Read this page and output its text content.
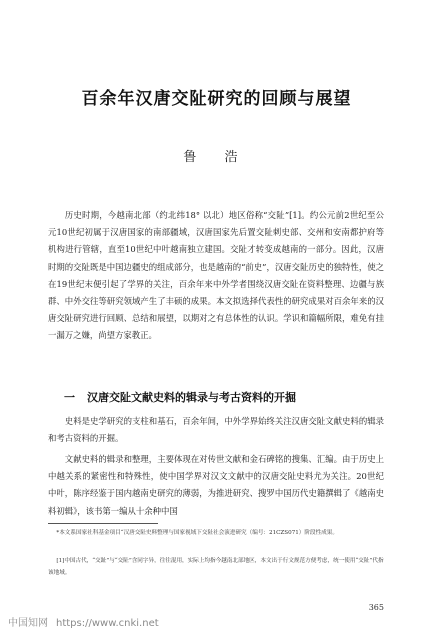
百余年汉唐交阯研究的回顾与展望
鲁 浩

历史时期，今越南北部（约北纬18° 以北）地区俗称“交阯”[1]。约公元前2世纪至公元10世纪初属于汉唐国家的南部疆域，汉唐国家先后置交阯刺史部、交州和安南都护府等机构进行管辖，直至10世纪中叶越南独立建国。交阯才转变成越南的一部分。因此，汉唐时期的交阯既是中国边疆史的组成部分，也是越南的“前史”，汉唐交阯历史的独特性，使之在19世纪末便引起了学界的关注，百余年来中外学者围绕汉唐交阯在资料整理、边疆与族群、中外交往等研究领域产生了丰硕的成果。本文拟选择代表性的研究成果对百余年来的汉唐交阯研究进行回顾、总结和展望，以期对之有总体性的认识。学识和篇幅所限，难免有挂一漏万之嫌，尚望方家教正。

一 汉唐交阯文献史料的辑录与考古资料的开掘

史料是史学研究的支柱和基石，百余年间，中外学界始终关注汉唐交阯文献史料的辑录和考古资料的开掘。

文献史料的辑录和整理，主要体现在对传世文献和金石碑铭的搜集、汇编。由于历史上中越关系的紧密性和特殊性，使中国学界对汉文文献中的汉唐交阯史料尤为关注。20世纪中叶，陈序经鉴于国内越南史研究的薄弱，为推进研究、搜罗中国历代史籍撰辑了《越南史料初辑》，该书第一编从十余种中国

*本文系国家社科基金项目“汉唐交阯史料整理与国家视域下交阯社会演进研究（编号：21CZS071）阶段性成果。

[1]中国古代，“交趾”与“交阯”含同字异，往往混用，实际上均指今越南北部地区，本文出于行文规范方便考虑，统一使用“交阯”代指该地域。

365
中国知网 https://www.cnki.net
